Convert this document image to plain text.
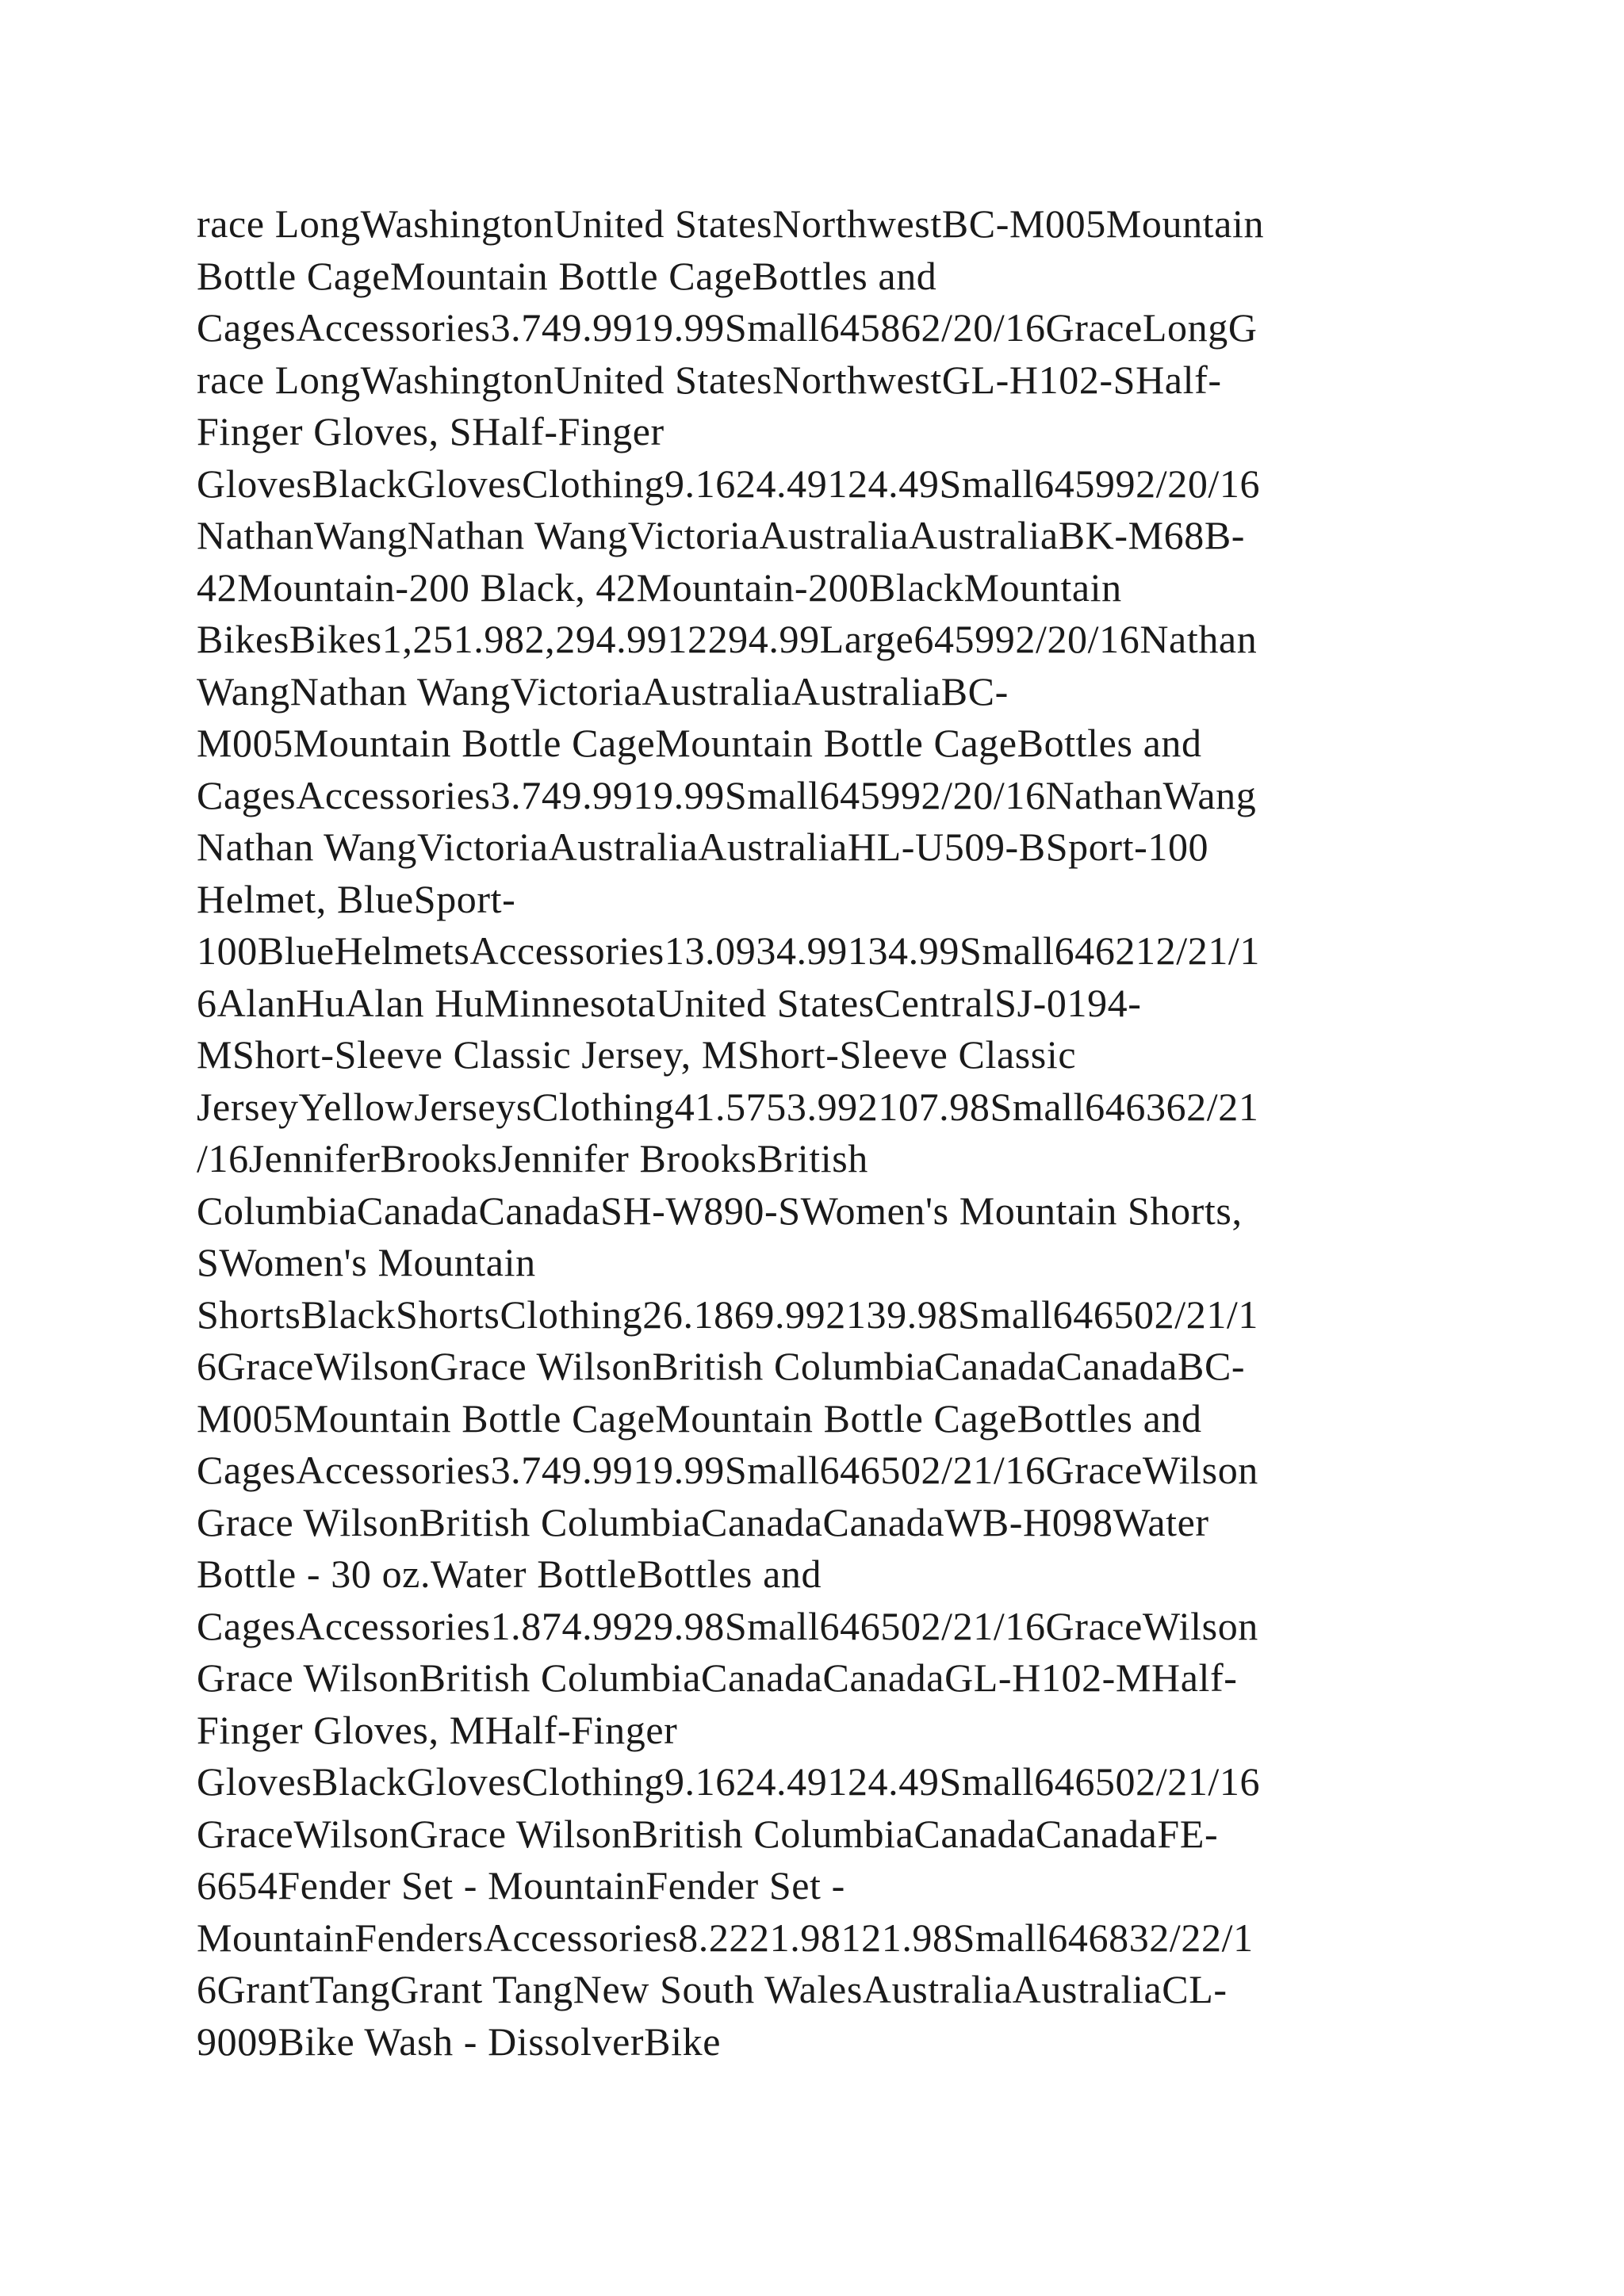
race LongWashingtonUnited StatesNorthwestBC-M005Mountain
Bottle CageMountain Bottle CageBottles and
CagesAccessories3.749.9919.99Small645862/20/16GraceLongG
race LongWashingtonUnited StatesNorthwestGL-H102-SHalf-
Finger Gloves, SHalf-Finger
GlovesBlackGlovesClothing9.1624.49124.49Small645992/20/16
NathanWangNathan WangVictoriaAustraliaAustraliaBK-M68B-
42Mountain-200 Black, 42Mountain-200BlackMountain
BikesBikes1,251.982,294.9912294.99Large645992/20/16Nathan
WangNathan WangVictoriaAustraliaAustraliaBC-
M005Mountain Bottle CageMountain Bottle CageBottles and
CagesAccessories3.749.9919.99Small645992/20/16NathanWang
Nathan WangVictoriaAustraliaAustraliaHL-U509-BSport-100
Helmet, BlueSport-
100BlueHelmetsAccessories13.0934.99134.99Small646212/21/1
6AlanHuAlan HuMinnesotaUnited StatesCentralSJ-0194-
MShort-Sleeve Classic Jersey, MShort-Sleeve Classic
JerseyYellowJerseysClothing41.5753.992107.98Small646362/21
/16JenniferBrooksJennifer BrooksBritish
ColumbiaCanadaCanadaSH-W890-SWomen's Mountain Shorts,
SWomen's Mountain
ShortsBlackShortsClothing26.1869.992139.98Small646502/21/1
6GraceWilsonGrace WilsonBritish ColumbiaCanadaCanadaBC-
M005Mountain Bottle CageMountain Bottle CageBottles and
CagesAccessories3.749.9919.99Small646502/21/16GraceWilson
Grace WilsonBritish ColumbiaCanadaCanadaWB-H098Water
Bottle - 30 oz.Water BottleBottles and
CagesAccessories1.874.9929.98Small646502/21/16GraceWilson
Grace WilsonBritish ColumbiaCanadaCanadaGL-H102-MHalf-
Finger Gloves, MHalf-Finger
GlovesBlackGlovesClothing9.1624.49124.49Small646502/21/16
GraceWilsonGrace WilsonBritish ColumbiaCanadaCanadaFE-
6654Fender Set - MountainFender Set -
MountainFendersAccessories8.2221.98121.98Small646832/22/1
6GrantTangGrant TangNew South WalesAustraliaAustraliaCL-
9009Bike Wash - DissolverBike
